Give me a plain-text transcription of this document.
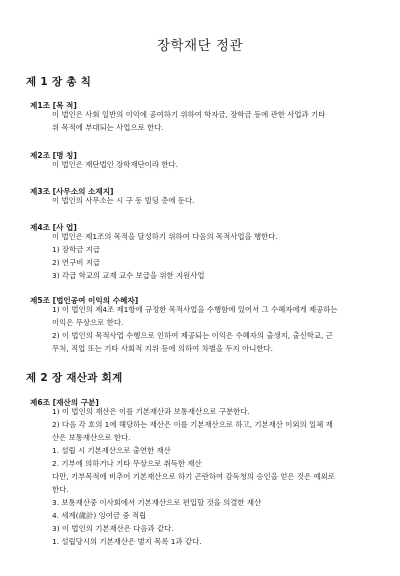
장학재단 정관
제 1 장 총 칙
제1조 [목 적]
이 법인은 사회 일반의 이익에 공여하기 위하여 학자금, 장학금 등에 관한 사업과 기타
위 목적에 부대되는 사업으로 한다.
제2조 [명 칭]
이 법인은 재단법인 장학재단이라 한다.
제3조 [사무소의 소재지]
이 법인의 사무소는 시 구 동 빌딩 층에 둔다.
제4조 [사 업]
이 법인은 제1조의 목적을 달성하기 위하여 다음의 목적사업을 행한다.
1) 장학금 지급
2) 연구비 지급
3) 각급 학교의 교재 교수 보급을 위한 지원사업
제5조 [법인공여 이익의 수혜자]
1) 이 법인의 제4조 제1항에 규정한 목적사업을 수행함에 있어서 그 수혜자에게 제공하는
이익은 무상으로 한다.
2) 이 법인의 목적사업 수행으로 인하여 제공되는 이익은 수혜자의 출생지, 출신학교, 근
무처, 직업 또는 기타 사회적 지위 등에 의하여 차별을 두지 아니한다.
제 2 장 재산과 회계
제6조 [재산의 구분]
1) 이 법인의 재산은 이를 기본재산과 보통재산으로 구분한다.
2) 다음 각 호의 1에 해당하는 재산은 이를 기본재산으로 하고, 기본재산 이외의 일체 재
산은 보통재산으로 한다.
1. 설립 시 기본재산으로 출연한 재산
2. 기부에 의하거나 기타 무상으로 취득한 재산
다만, 기부목적에 비추어 기본재산으로 하기 곤란하여 감독청의 승인을 얻은 것은 예외로
한다.
3. 보통재산중 이사회에서 기본재산으로 편입할 것을 의결한 재산
4. 세계(歲計) 잉여금 중 적립
3) 이 법인의 기본재산은 다음과 같다.
1. 설립당시의 기본재산은 별지 목록 1과 같다.
